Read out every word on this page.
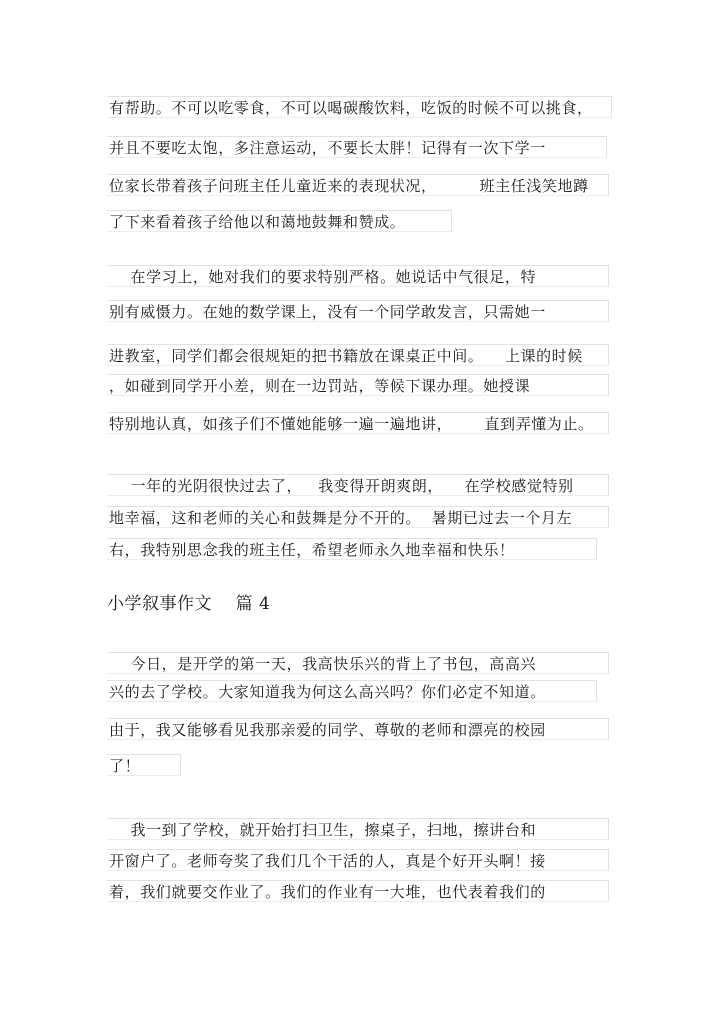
有帮助。不可以吃零食，不可以喝碳酸饮料，吃饭的时候不可以挑食，
并且不要吃太饱，多注意运动，不要长太胖！记得有一次下学一
位家长带着孩子问班主任儿童近来的表现状况，        班主任浅笑地蹲
了下来看着孩子给他以和蔼地鼓舞和赞成。
在学习上，她对我们的要求特别严格。她说话中气很足，特
别有威慑力。在她的数学课上，没有一个同学敢发言，只需她一
进教室，同学们都会很规矩的把书籍放在课桌正中间。    上课的时候
，如碰到同学开小差，则在一边罚站，等候下课办理。她授课
特别地认真，如孩子们不懂她能够一遍一遍地讲，      直到弄懂为止。
一年的光阴很快过去了，   我变得开朗爽朗，    在学校感觉特别
地幸福，这和老师的关心和鼓舞是分不开的。  暑期已过去一个月左
右，我特别思念我的班主任，希望老师永久地幸福和快乐！
小学叙事作文    篇 4
今日，是开学的第一天，我高快乐兴的背上了书包，高高兴
兴的去了学校。大家知道我为何这么高兴吗？你们必定不知道。
由于，我又能够看见我那亲爱的同学、尊敬的老师和漂亮的校园
了！
我一到了学校，就开始打扫卫生，擦桌子，扫地，擦讲台和
开窗户了。老师夸奖了我们几个干活的人，真是个好开头啊！接
着，我们就要交作业了。我们的作业有一大堆，也代表着我们的
